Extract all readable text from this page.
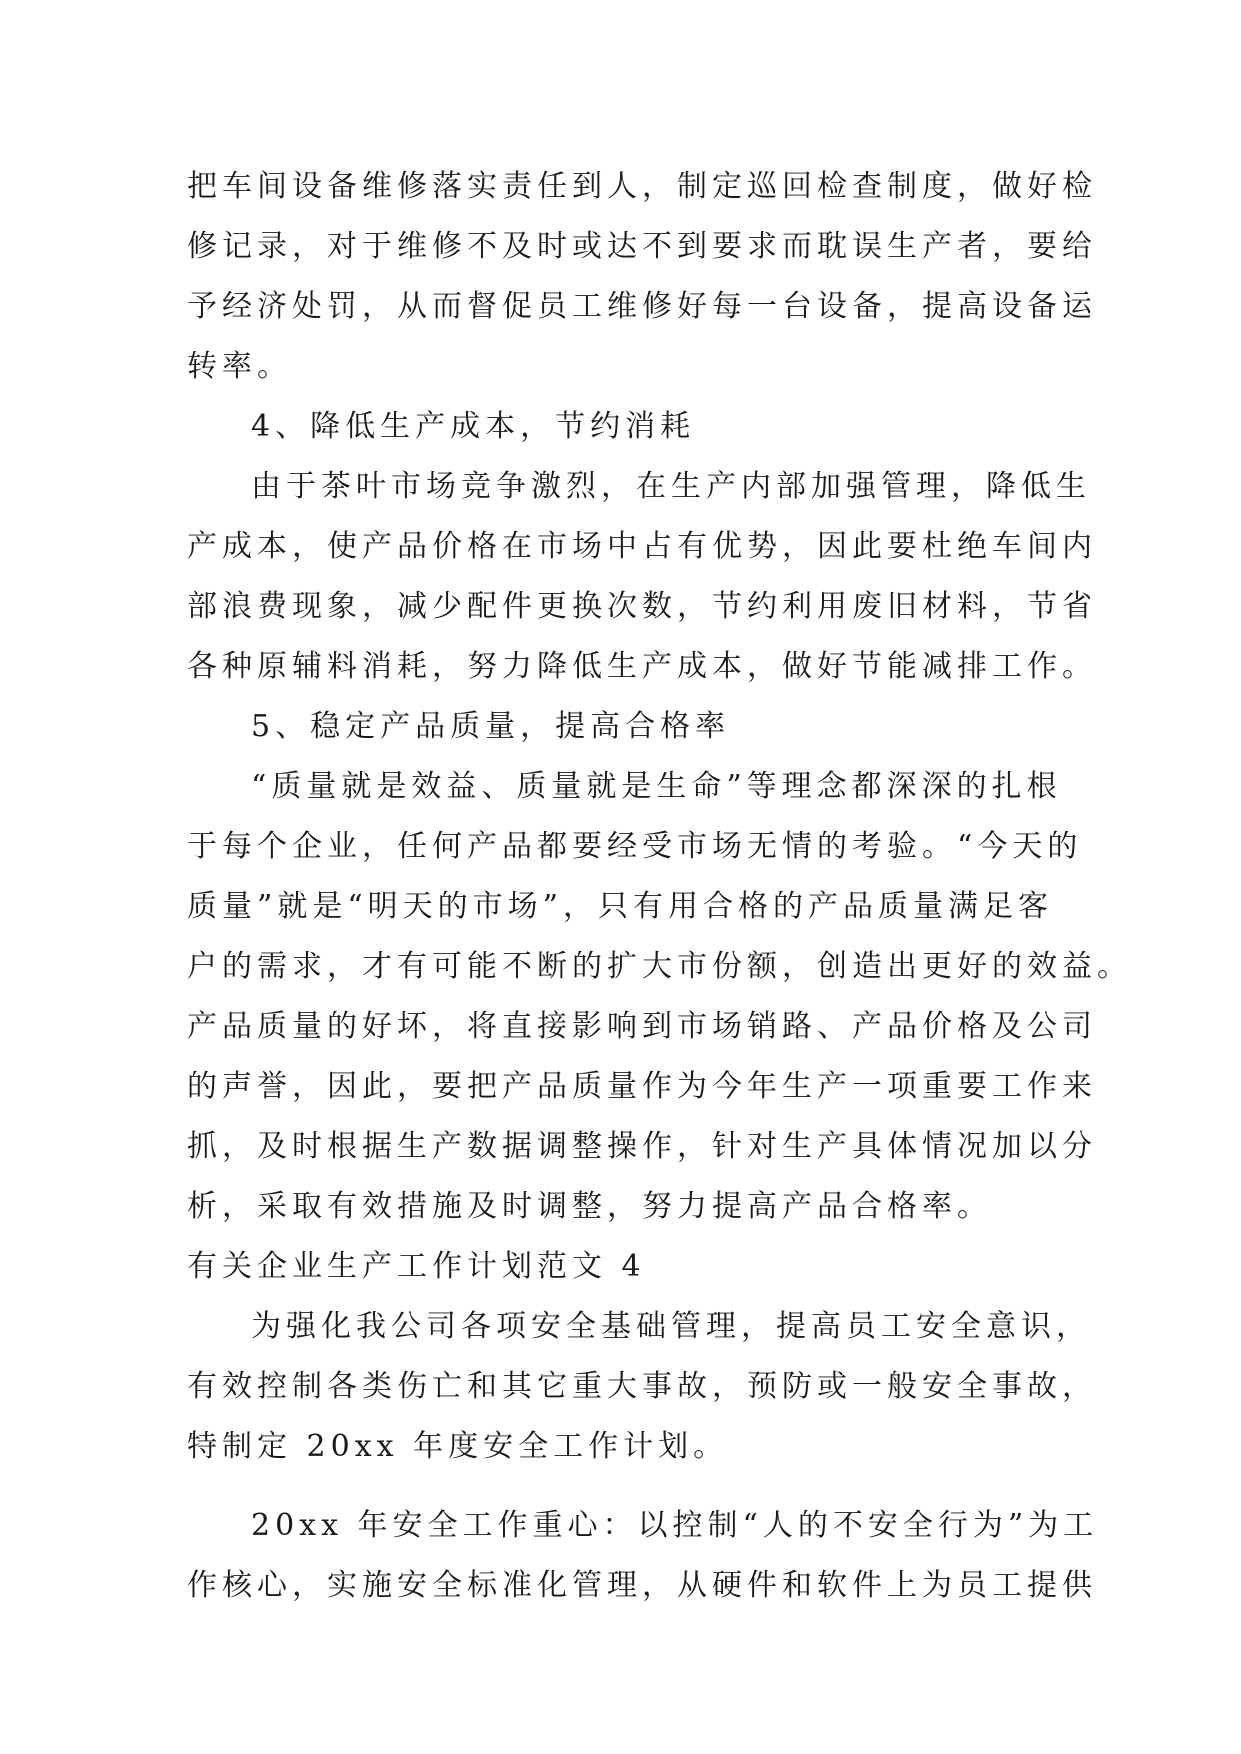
把车间设备维修落实责任到人，制定巡回检查制度，做好检
修记录，对于维修不及时或达不到要求而耽误生产者，要给
予经济处罚，从而督促员工维修好每一台设备，提高设备运
转率。
4、降低生产成本，节约消耗
由于茶叶市场竞争激烈，在生产内部加强管理，降低生
产成本，使产品价格在市场中占有优势，因此要杜绝车间内
部浪费现象，减少配件更换次数，节约利用废旧材料，节省
各种原辅料消耗，努力降低生产成本，做好节能减排工作。
5、稳定产品质量，提高合格率
“质量就是效益、质量就是生命”等理念都深深的扎根
于每个企业，任何产品都要经受市场无情的考验。“今天的
质量”就是“明天的市场”，只有用合格的产品质量满足客
户的需求，才有可能不断的扩大市份额，创造出更好的效益。
产品质量的好坏，将直接影响到市场销路、产品价格及公司
的声誉，因此，要把产品质量作为今年生产一项重要工作来
抓，及时根据生产数据调整操作，针对生产具体情况加以分
析，采取有效措施及时调整，努力提高产品合格率。
有关企业生产工作计划范文 4
为强化我公司各项安全基础管理，提高员工安全意识，
有效控制各类伤亡和其它重大事故，预防或一般安全事故，
特制定 20xx 年度安全工作计划。
20xx 年安全工作重心：以控制“人的不安全行为”为工
作核心，实施安全标准化管理，从硬件和软件上为员工提供
